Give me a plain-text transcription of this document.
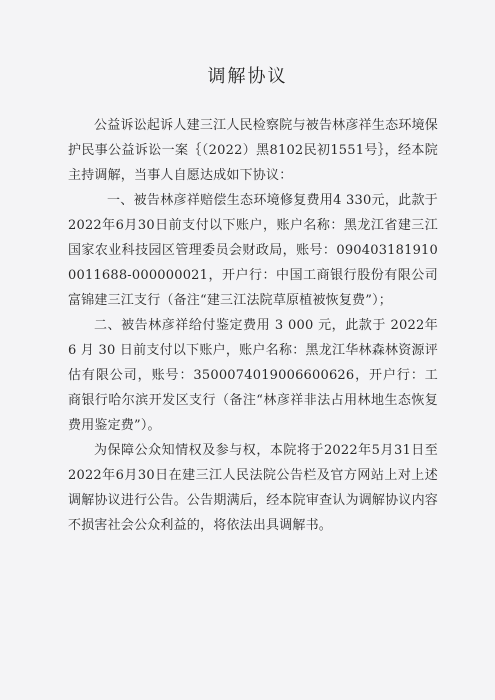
调解协议

公益诉讼起诉人建三江人民检察院与被告林彦祥生态环境保护民事公益诉讼一案｛（2022）黑8102民初1551号｝，经本院主持调解，当事人自愿达成如下协议：

一、被告林彦祥赔偿生态环境修复费用4 330元，此款于2022年6月30日前支付以下账户，账户名称：黑龙江省建三江国家农业科技园区管理委员会财政局，账号：0904031819100011688-000000021，开户行：中国工商银行股份有限公司富锦建三江支行（备注“建三江法院草原植被恢复费”）；

二、被告林彦祥给付鉴定费用 3 000 元，此款于 2022年 6 月 30 日前支付以下账户，账户名称：黑龙江华林森林资源评估有限公司，账号：3500074019006600626，开户行：工商银行哈尔滨开发区支行（备注“林彦祥非法占用林地生态恢复费用鉴定费”）。

为保障公众知情权及参与权，本院将于2022年5月31日至2022年6月30日在建三江人民法院公告栏及官方网站上对上述调解协议进行公告。公告期满后，经本院审查认为调解协议内容不损害社会公众利益的，将依法出具调解书。
